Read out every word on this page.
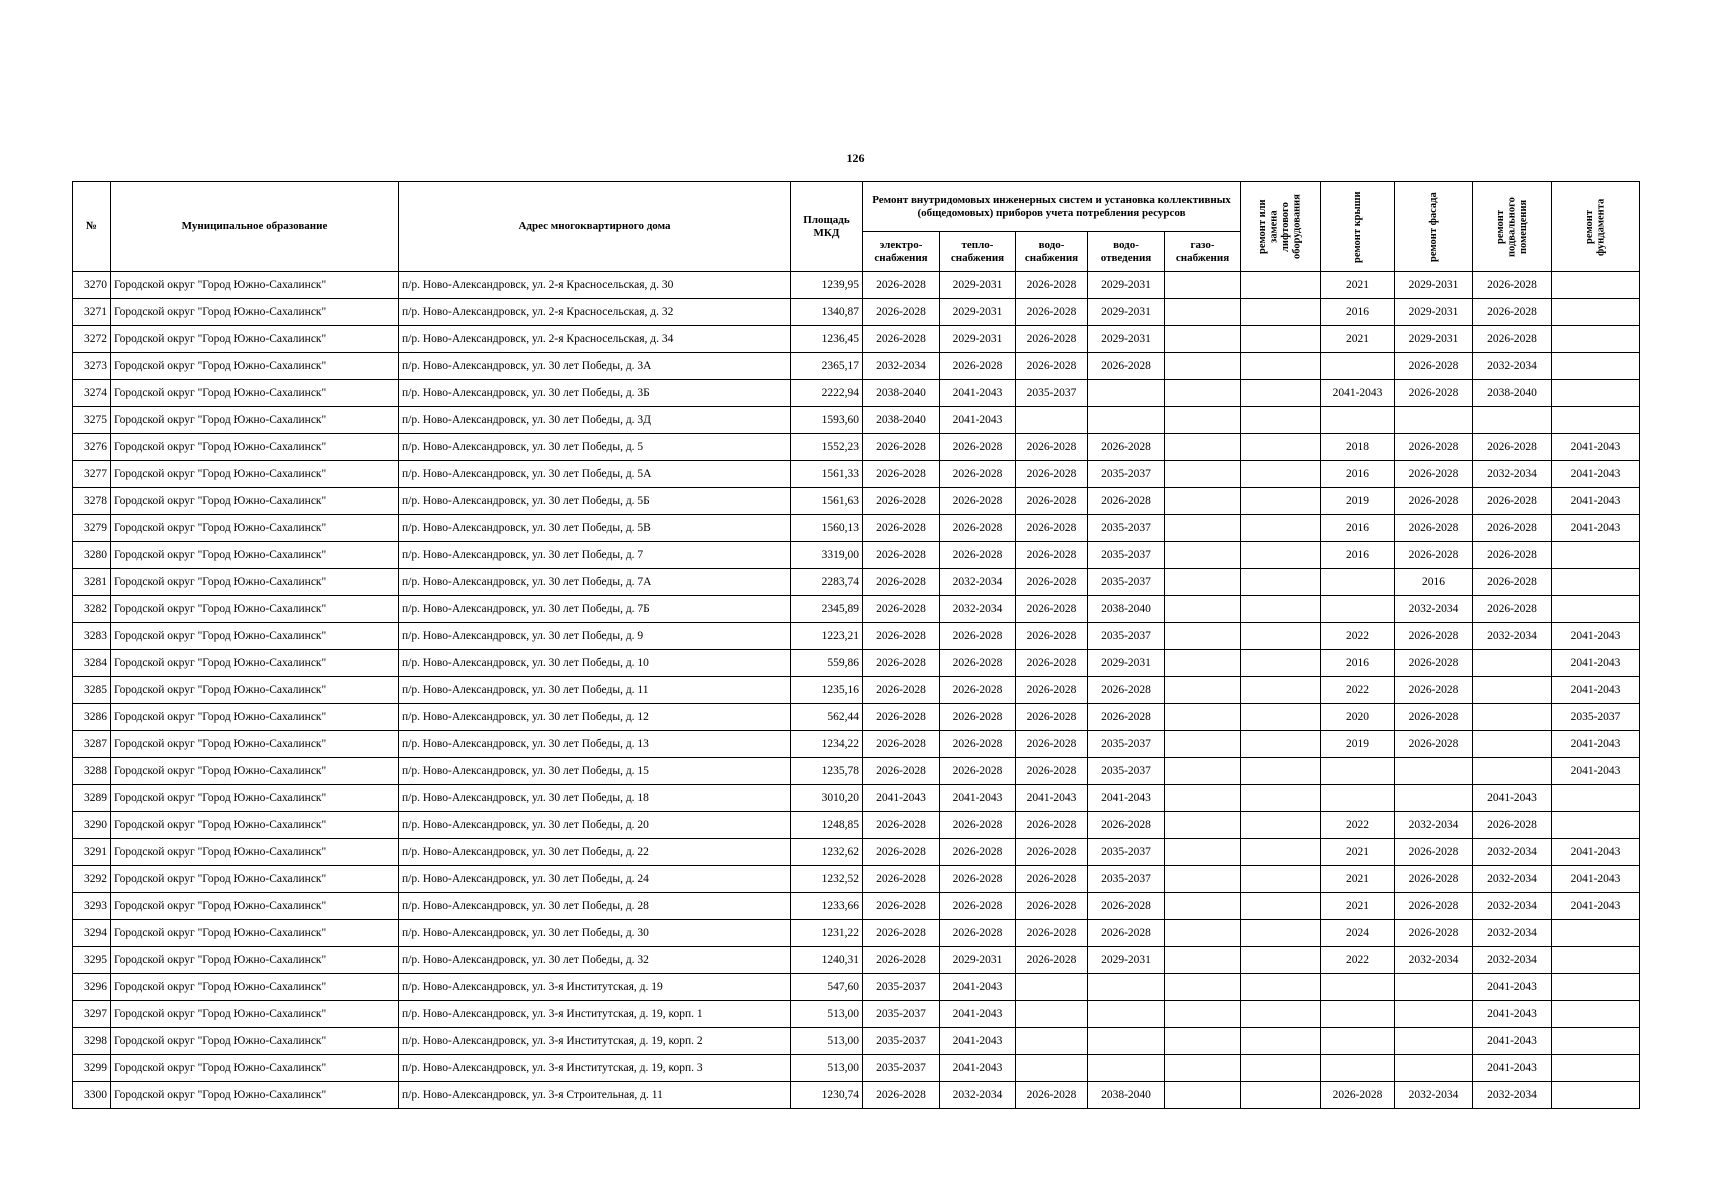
126
№	Муниципальное образование	Адрес многоквартирного дома	Площадь МКД	Ремонт внутридомовых инженерных систем и установка коллективных (общедомовых) приборов учета потребления ресурсов					ремонт или замена лифтового оборудования	ремонт крыши	ремонт фасада	ремонт подвального помещения	ремонт фундамента

				электро-снабжения	тепло-снабжения	водо-снабжения	водо-отведения	газо-снабжения					
3270	Городской округ "Город Южно-Сахалинск"	п/р. Ново-Александровск, ул. 2-я Красносельская, д. 30	1239,95	2026-2028	2029-2031	2026-2028	2029-2031			2021	2029-2031	2026-2028	
3271	Городской округ "Город Южно-Сахалинск"	п/р. Ново-Александровск, ул. 2-я Красносельская, д. 32	1340,87	2026-2028	2029-2031	2026-2028	2029-2031			2016	2029-2031	2026-2028	
3272	Городской округ "Город Южно-Сахалинск"	п/р. Ново-Александровск, ул. 2-я Красносельская, д. 34	1236,45	2026-2028	2029-2031	2026-2028	2029-2031			2021	2029-2031	2026-2028	
3273	Городской округ "Город Южно-Сахалинск"	п/р. Ново-Александровск, ул. 30 лет Победы, д. 3А	2365,17	2032-2034	2026-2028	2026-2028	2026-2028				2026-2028	2032-2034	
3274	Городской округ "Город Южно-Сахалинск"	п/р. Ново-Александровск, ул. 30 лет Победы, д. 3Б	2222,94	2038-2040	2041-2043	2035-2037				2041-2043	2026-2028	2038-2040	
3275	Городской округ "Город Южно-Сахалинск"	п/р. Ново-Александровск, ул. 30 лет Победы, д. 3Д	1593,60	2038-2040	2041-2043								
3276	Городской округ "Город Южно-Сахалинск"	п/р. Ново-Александровск, ул. 30 лет Победы, д. 5	1552,23	2026-2028	2026-2028	2026-2028	2026-2028			2018	2026-2028	2026-2028	2041-2043
3277	Городской округ "Город Южно-Сахалинск"	п/р. Ново-Александровск, ул. 30 лет Победы, д. 5А	1561,33	2026-2028	2026-2028	2026-2028	2035-2037			2016	2026-2028	2032-2034	2041-2043
3278	Городской округ "Город Южно-Сахалинск"	п/р. Ново-Александровск, ул. 30 лет Победы, д. 5Б	1561,63	2026-2028	2026-2028	2026-2028	2026-2028			2019	2026-2028	2026-2028	2041-2043
3279	Городской округ "Город Южно-Сахалинск"	п/р. Ново-Александровск, ул. 30 лет Победы, д. 5В	1560,13	2026-2028	2026-2028	2026-2028	2035-2037			2016	2026-2028	2026-2028	2041-2043
3280	Городской округ "Город Южно-Сахалинск"	п/р. Ново-Александровск, ул. 30 лет Победы, д. 7	3319,00	2026-2028	2026-2028	2026-2028	2035-2037			2016	2026-2028	2026-2028	
3281	Городской округ "Город Южно-Сахалинск"	п/р. Ново-Александровск, ул. 30 лет Победы, д. 7А	2283,74	2026-2028	2032-2034	2026-2028	2035-2037				2016	2026-2028	
3282	Городской округ "Город Южно-Сахалинск"	п/р. Ново-Александровск, ул. 30 лет Победы, д. 7Б	2345,89	2026-2028	2032-2034	2026-2028	2038-2040				2032-2034	2026-2028	
3283	Городской округ "Город Южно-Сахалинск"	п/р. Ново-Александровск, ул. 30 лет Победы, д. 9	1223,21	2026-2028	2026-2028	2026-2028	2035-2037			2022	2026-2028	2032-2034	2041-2043
3284	Городской округ "Город Южно-Сахалинск"	п/р. Ново-Александровск, ул. 30 лет Победы, д. 10	559,86	2026-2028	2026-2028	2026-2028	2029-2031			2016	2026-2028		2041-2043
3285	Городской округ "Город Южно-Сахалинск"	п/р. Ново-Александровск, ул. 30 лет Победы, д. 11	1235,16	2026-2028	2026-2028	2026-2028	2026-2028			2022	2026-2028		2041-2043
3286	Городской округ "Город Южно-Сахалинск"	п/р. Ново-Александровск, ул. 30 лет Победы, д. 12	562,44	2026-2028	2026-2028	2026-2028	2026-2028			2020	2026-2028		2035-2037
3287	Городской округ "Город Южно-Сахалинск"	п/р. Ново-Александровск, ул. 30 лет Победы, д. 13	1234,22	2026-2028	2026-2028	2026-2028	2035-2037			2019	2026-2028		2041-2043
3288	Городской округ "Город Южно-Сахалинск"	п/р. Ново-Александровск, ул. 30 лет Победы, д. 15	1235,78	2026-2028	2026-2028	2026-2028	2035-2037						2041-2043
3289	Городской округ "Город Южно-Сахалинск"	п/р. Ново-Александровск, ул. 30 лет Победы, д. 18	3010,20	2041-2043	2041-2043	2041-2043	2041-2043					2041-2043	
3290	Городской округ "Город Южно-Сахалинск"	п/р. Ново-Александровск, ул. 30 лет Победы, д. 20	1248,85	2026-2028	2026-2028	2026-2028	2026-2028			2022	2032-2034	2026-2028	
3291	Городской округ "Город Южно-Сахалинск"	п/р. Ново-Александровск, ул. 30 лет Победы, д. 22	1232,62	2026-2028	2026-2028	2026-2028	2035-2037			2021	2026-2028	2032-2034	2041-2043
3292	Городской округ "Город Южно-Сахалинск"	п/р. Ново-Александровск, ул. 30 лет Победы, д. 24	1232,52	2026-2028	2026-2028	2026-2028	2035-2037			2021	2026-2028	2032-2034	2041-2043
3293	Городской округ "Город Южно-Сахалинск"	п/р. Ново-Александровск, ул. 30 лет Победы, д. 28	1233,66	2026-2028	2026-2028	2026-2028	2026-2028			2021	2026-2028	2032-2034	2041-2043
3294	Городской округ "Город Южно-Сахалинск"	п/р. Ново-Александровск, ул. 30 лет Победы, д. 30	1231,22	2026-2028	2026-2028	2026-2028	2026-2028			2024	2026-2028	2032-2034	
3295	Городской округ "Город Южно-Сахалинск"	п/р. Ново-Александровск, ул. 30 лет Победы, д. 32	1240,31	2026-2028	2029-2031	2026-2028	2029-2031			2022	2032-2034	2032-2034	
3296	Городской округ "Город Южно-Сахалинск"	п/р. Ново-Александровск, ул. 3-я Институтская, д. 19	547,60	2035-2037	2041-2043							2041-2043	
3297	Городской округ "Город Южно-Сахалинск"	п/р. Ново-Александровск, ул. 3-я Институтская, д. 19, корп. 1	513,00	2035-2037	2041-2043							2041-2043	
3298	Городской округ "Город Южно-Сахалинск"	п/р. Ново-Александровск, ул. 3-я Институтская, д. 19, корп. 2	513,00	2035-2037	2041-2043							2041-2043	
3299	Городской округ "Город Южно-Сахалинск"	п/р. Ново-Александровск, ул. 3-я Институтская, д. 19, корп. 3	513,00	2035-2037	2041-2043							2041-2043	
3300	Городской округ "Город Южно-Сахалинск"	п/р. Ново-Александровск, ул. 3-я Строительная, д. 11	1230,74	2026-2028	2032-2034	2026-2028	2038-2040			2026-2028	2032-2034	2032-2034	
